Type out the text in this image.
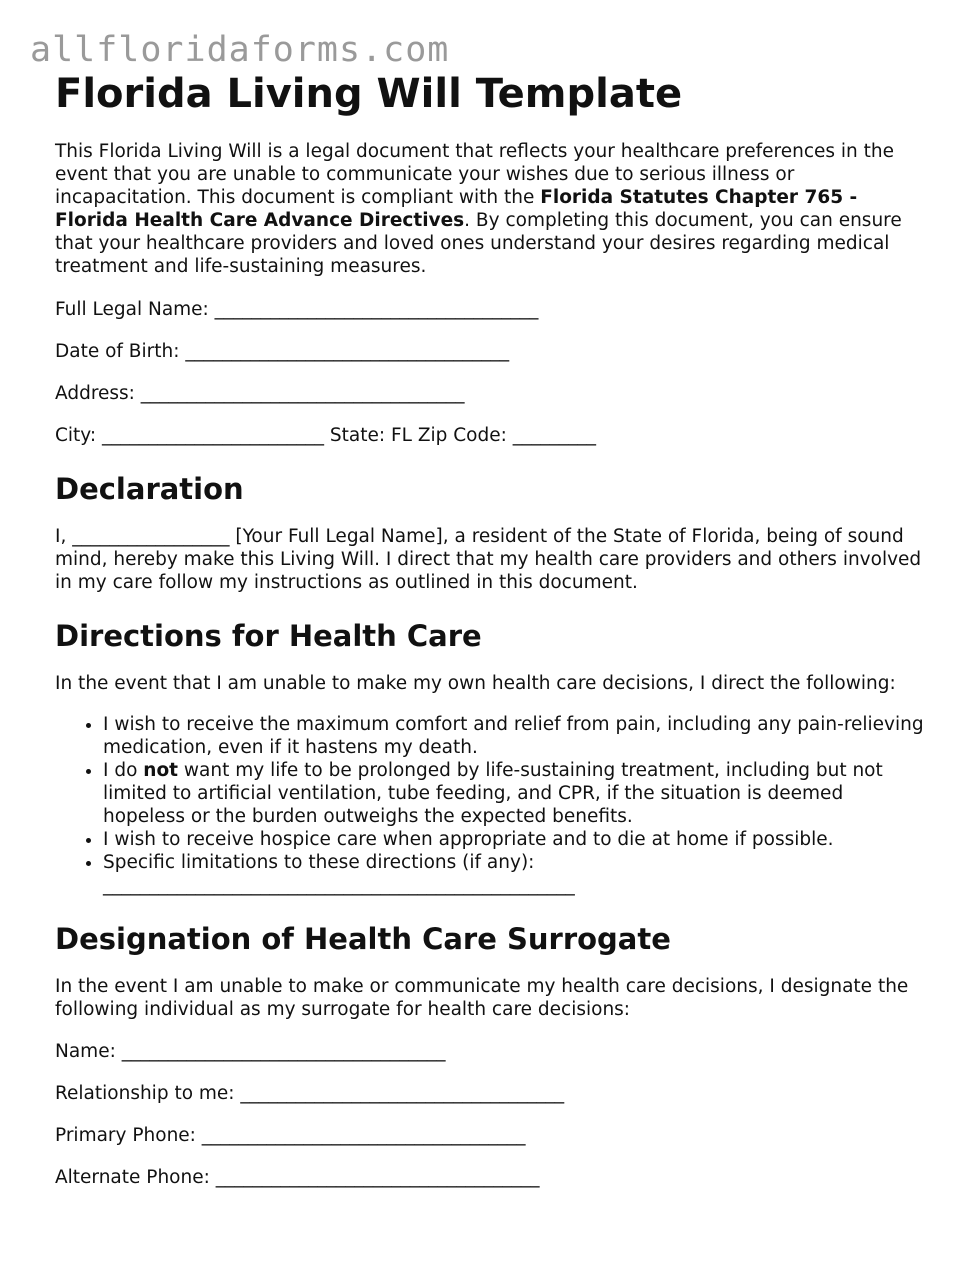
allfloridaforms.com
Florida Living Will Template

This Florida Living Will is a legal document that reflects your healthcare preferences in the event that you are unable to communicate your wishes due to serious illness or incapacitation. This document is compliant with the Florida Statutes Chapter 765 - Florida Health Care Advance Directives. By completing this document, you can ensure that your healthcare providers and loved ones understand your desires regarding medical treatment and life-sustaining measures.

Full Legal Name: ___________________________________
Date of Birth: ___________________________________
Address: ___________________________________
City: ________________________ State: FL Zip Code: _________
Declaration

I, _________________ [Your Full Legal Name], a resident of the State of Florida, being of sound mind, hereby make this Living Will. I direct that my health care providers and others involved in my care follow my instructions as outlined in this document.

Directions for Health Care

In the event that I am unable to make my own health care decisions, I direct the following:

• I wish to receive the maximum comfort and relief from pain, including any pain-relieving medication, even if it hastens my death.
• I do not want my life to be prolonged by life-sustaining treatment, including but not limited to artificial ventilation, tube feeding, and CPR, if the situation is deemed hopeless or the burden outweighs the expected benefits.
• I wish to receive hospice care when appropriate and to die at home if possible.
• Specific limitations to these directions (if any): ___________________________________________________
Designation of Health Care Surrogate

In the event I am unable to make or communicate my health care decisions, I designate the following individual as my surrogate for health care decisions:

Name: ___________________________________
Relationship to me: ___________________________________
Primary Phone: ___________________________________
Alternate Phone: ___________________________________
